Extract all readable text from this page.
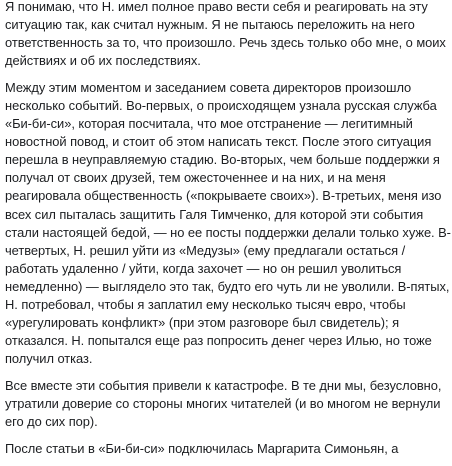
Я понимаю, что Н. имел полное право вести себя и реагировать на эту ситуацию так, как считал нужным. Я не пытаюсь переложить на него ответственность за то, что произошло. Речь здесь только обо мне, о моих действиях и об их последствиях.

Между этим моментом и заседанием совета директоров произошло несколько событий. Во-первых, о происходящем узнала русская служба «Би-би-си», которая посчитала, что мое отстранение — легитимный новостной повод, и стоит об этом написать текст. После этого ситуация перешла в неуправляемую стадию. Во-вторых, чем больше поддержки я получал от своих друзей, тем ожесточеннее и на них, и на меня реагировала общественность («покрываете своих»). В-третьих, меня изо всех сил пыталась защитить Галя Тимченко, для которой эти события стали настоящей бедой, — но ее посты поддержки делали только хуже. В-четвертых, Н. решил уйти из «Медузы» (ему предлагали остаться / работать удаленно / уйти, когда захочет — но он решил уволиться немедленно) — выглядело это так, будто его чуть ли не уволили. В-пятых, Н. потребовал, чтобы я заплатил ему несколько тысяч евро, чтобы «урегулировать конфликт» (при этом разговоре был свидетель); я отказался. Н. попытался еще раз попросить денег через Илью, но тоже получил отказ.

Все вместе эти события привели к катастрофе. В те дни мы, безусловно, утратили доверие со стороны многих читателей (и во многом не вернули его до сих пор).

После статьи в «Би-би-си» подключилась Маргарита Симоньян, а
